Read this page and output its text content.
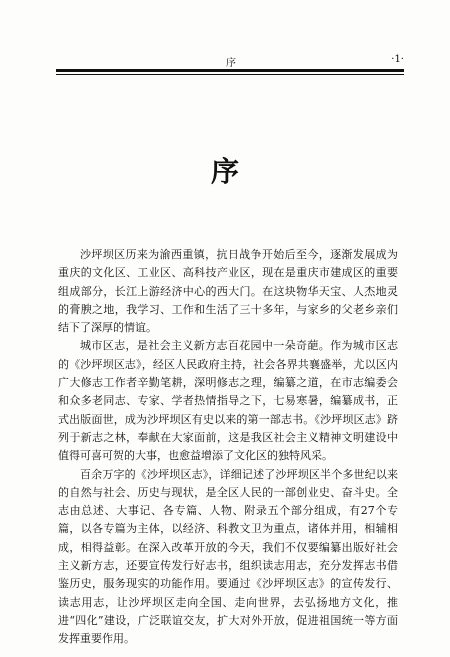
序	·1·
序

沙坪坝区历来为渝西重镇，抗日战争开始后至今，逐渐发展成为重庆的文化区、工业区、高科技产业区，现在是重庆市建成区的重要组成部分，长江上游经济中心的西大门。在这块物华天宝、人杰地灵的膏腴之地，我学习、工作和生活了三十多年，与家乡的父老乡亲们结下了深厚的情谊。

城市区志，是社会主义新方志百花园中一朵奇葩。作为城市区志的《沙坪坝区志》，经区人民政府主持，社会各界共襄盛举，尤以区内广大修志工作者辛勤笔耕，深明修志之理，编纂之道，在市志编委会和众多老同志、专家、学者热情指导之下，七易寒暑，编纂成书，正式出版面世，成为沙坪坝区有史以来的第一部志书。《沙坪坝区志》跻列于新志之林，奉献在大家面前，这是我区社会主义精神文明建设中值得可喜可贺的大事，也愈益增添了文化区的独特风采。

百余万字的《沙坪坝区志》，详细记述了沙坪坝区半个多世纪以来的自然与社会、历史与现状，是全区人民的一部创业史、奋斗史。全志由总述、大事记、各专篇、人物、附录五个部分组成，有27个专篇，以各专篇为主体，以经济、科教文卫为重点，诸体并用，相辅相成，相得益彰。在深入改革开放的今天，我们不仅要编纂出版好社会主义新方志，还要宣传发行好志书，组织读志用志，充分发挥志书借鉴历史，服务现实的功能作用。要通过《沙坪坝区志》的宣传发行、读志用志，让沙坪坝区走向全国、走向世界，去弘扬地方文化，推进“四化”建设，广泛联谊交友，扩大对外开放，促进祖国统一等方面发挥重要作用。
